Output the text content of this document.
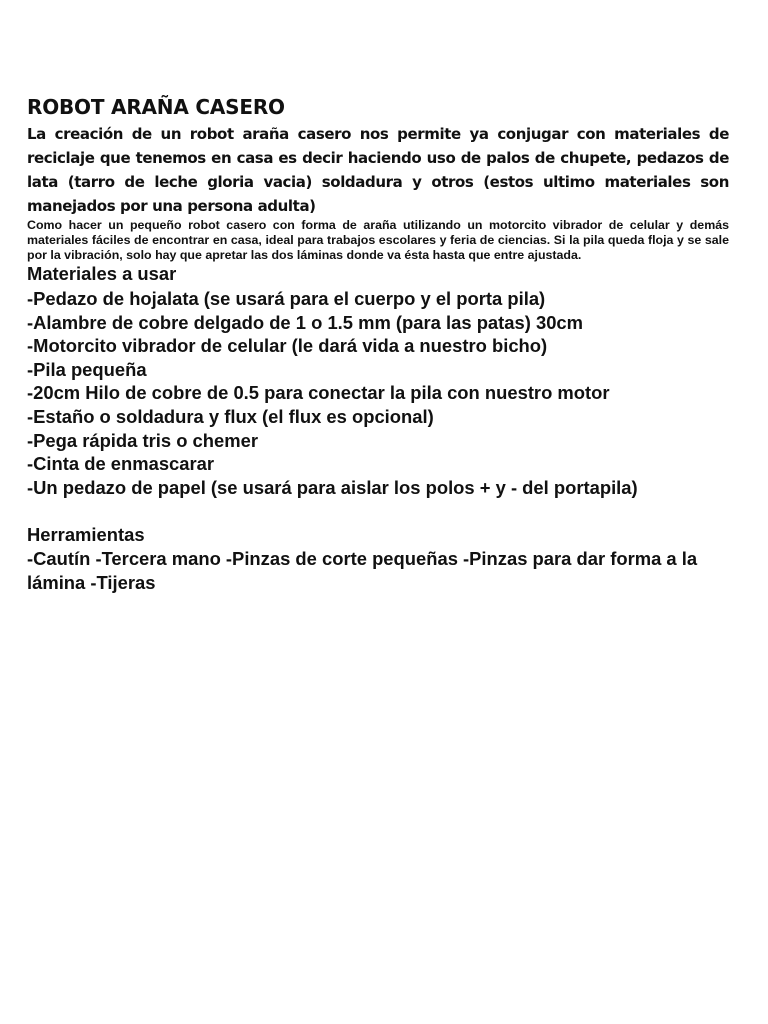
ROBOT ARAÑA CASERO

La creación de un robot araña casero nos permite ya conjugar con materiales de reciclaje que tenemos en casa es decir haciendo uso de palos de chupete, pedazos de lata (tarro de leche gloria vacia) soldadura y otros (estos ultimo materiales son manejados por una persona adulta)

Como hacer un pequeño robot casero con forma de araña utilizando un motorcito vibrador de celular y demás materiales fáciles de encontrar en casa, ideal para trabajos escolares y feria de ciencias. Si la pila queda floja y se sale por la vibración, solo hay que apretar las dos láminas donde va ésta hasta que entre ajustada.

Materiales a usar

-Pedazo de hojalata (se usará para el cuerpo y el porta pila)

-Alambre de cobre delgado de 1 o 1.5 mm (para las patas) 30cm

-Motorcito vibrador de celular (le dará vida a nuestro bicho)

-Pila pequeña

-20cm Hilo de cobre de 0.5 para conectar la pila con nuestro motor

-Estaño o soldadura y flux (el flux es opcional)

-Pega rápida tris o chemer

-Cinta de enmascarar

-Un pedazo de papel (se usará para aislar los polos + y - del portapila)

Herramientas

-Cautín -Tercera mano -Pinzas de corte pequeñas -Pinzas para dar forma a la lámina -Tijeras
